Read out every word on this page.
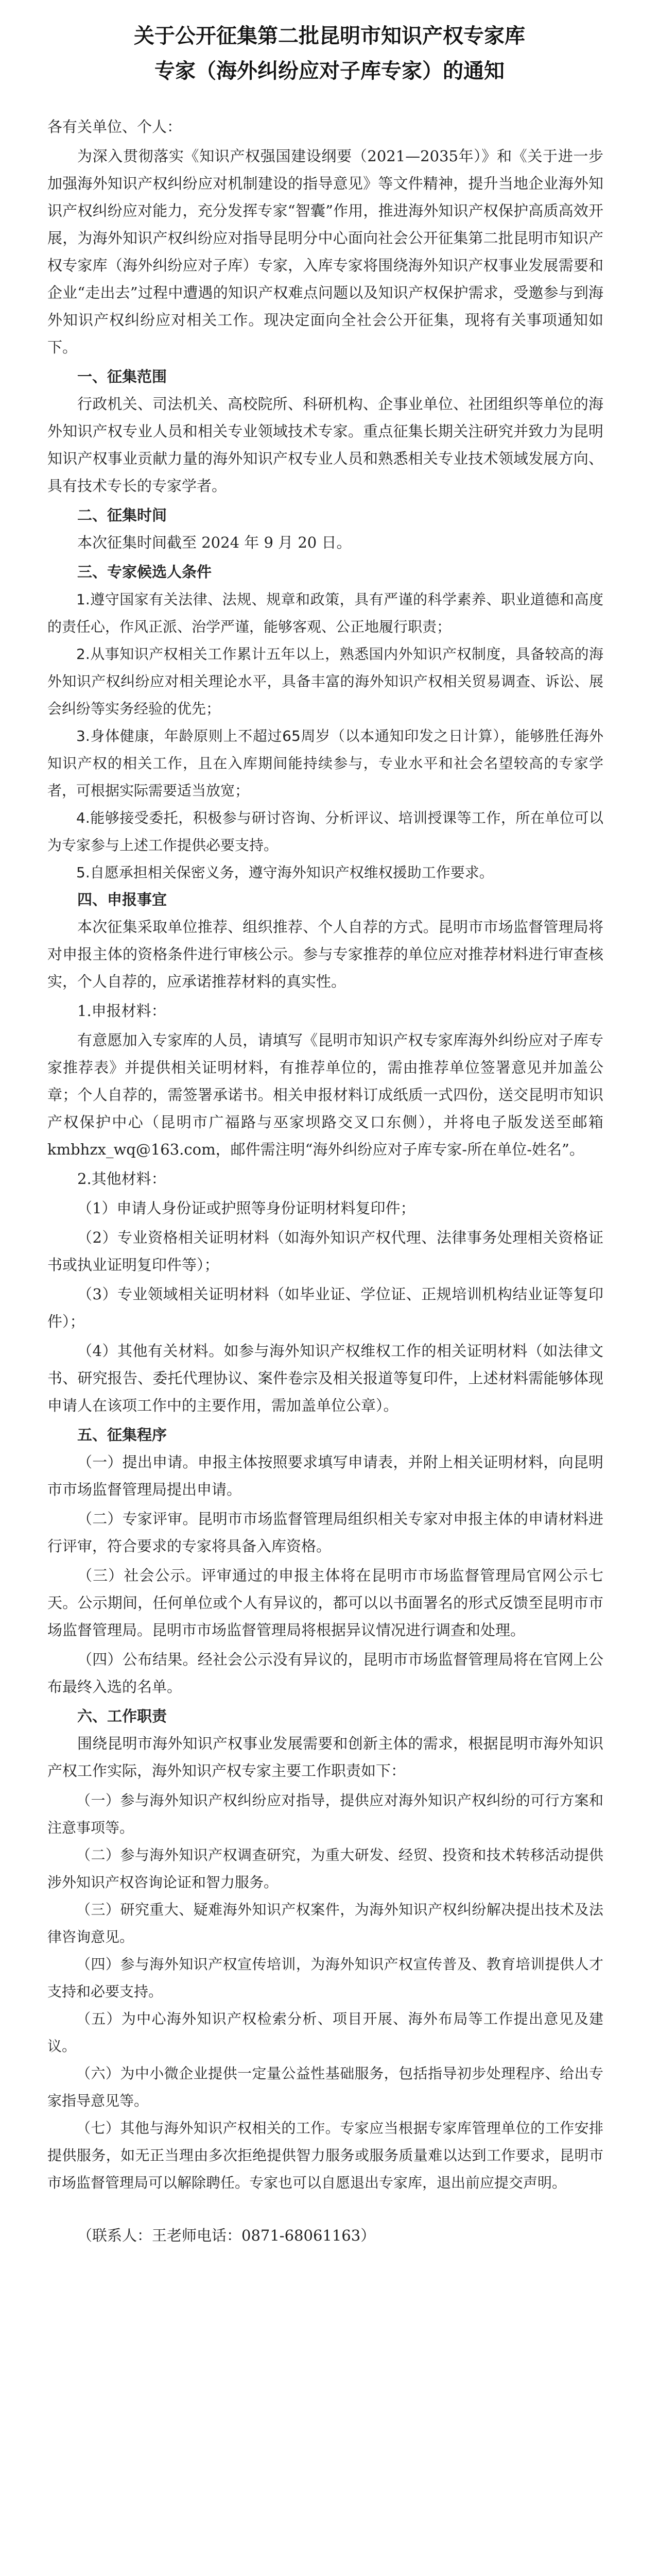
关于公开征集第二批昆明市知识产权专家库

专家（海外纠纷应对子库专家）的通知

各有关单位、个人：

为深入贯彻落实《知识产权强国建设纲要（2021—2035年）》和《关于进一步加强海外知识产权纠纷应对机制建设的指导意见》等文件精神，提升当地企业海外知识产权纠纷应对能力，充分发挥专家“智囊”作用，推进海外知识产权保护高质高效开展，为海外知识产权纠纷应对指导昆明分中心面向社会公开征集第二批昆明市知识产权专家库（海外纠纷应对子库）专家，入库专家将围绕海外知识产权事业发展需要和企业“走出去”过程中遭遇的知识产权难点问题以及知识产权保护需求，受邀参与到海外知识产权纠纷应对相关工作。现决定面向全社会公开征集，现将有关事项通知如下。

一、征集范围

行政机关、司法机关、高校院所、科研机构、企事业单位、社团组织等单位的海外知识产权专业人员和相关专业领域技术专家。重点征集长期关注研究并致力为昆明知识产权事业贡献力量的海外知识产权专业人员和熟悉相关专业技术领域发展方向、具有技术专长的专家学者。

二、征集时间

本次征集时间截至 2024 年 9 月 20 日。

三、专家候选人条件

1.遵守国家有关法律、法规、规章和政策，具有严谨的科学素养、职业道德和高度的责任心，作风正派、治学严谨，能够客观、公正地履行职责；

2.从事知识产权相关工作累计五年以上，熟悉国内外知识产权制度，具备较高的海外知识产权纠纷应对相关理论水平，具备丰富的海外知识产权相关贸易调查、诉讼、展会纠纷等实务经验的优先；

3.身体健康，年龄原则上不超过65周岁（以本通知印发之日计算），能够胜任海外知识产权的相关工作，且在入库期间能持续参与，专业水平和社会名望较高的专家学者，可根据实际需要适当放宽；

4.能够接受委托，积极参与研讨咨询、分析评议、培训授课等工作，所在单位可以为专家参与上述工作提供必要支持。

5.自愿承担相关保密义务，遵守海外知识产权维权援助工作要求。

四、申报事宜

本次征集采取单位推荐、组织推荐、个人自荐的方式。昆明市市场监督管理局将对申报主体的资格条件进行审核公示。参与专家推荐的单位应对推荐材料进行审查核实，个人自荐的，应承诺推荐材料的真实性。

1.申报材料：

有意愿加入专家库的人员，请填写《昆明市知识产权专家库海外纠纷应对子库专家推荐表》并提供相关证明材料，有推荐单位的，需由推荐单位签署意见并加盖公章；个人自荐的，需签署承诺书。相关申报材料订成纸质一式四份，送交昆明市知识产权保护中心（昆明市广福路与巫家坝路交叉口东侧），并将电子版发送至邮箱 kmbhzx_wq@163.com，邮件需注明“海外纠纷应对子库专家-所在单位-姓名”。

2.其他材料：

（1）申请人身份证或护照等身份证明材料复印件；

（2）专业资格相关证明材料（如海外知识产权代理、法律事务处理相关资格证书或执业证明复印件等）；

（3）专业领域相关证明材料（如毕业证、学位证、正规培训机构结业证等复印件）；

（4）其他有关材料。如参与海外知识产权维权工作的相关证明材料（如法律文书、研究报告、委托代理协议、案件卷宗及相关报道等复印件，上述材料需能够体现申请人在该项工作中的主要作用，需加盖单位公章）。

五、征集程序

（一）提出申请。申报主体按照要求填写申请表，并附上相关证明材料，向昆明市市场监督管理局提出申请。

（二）专家评审。昆明市市场监督管理局组织相关专家对申报主体的申请材料进行评审，符合要求的专家将具备入库资格。

（三）社会公示。评审通过的申报主体将在昆明市市场监督管理局官网公示七天。公示期间，任何单位或个人有异议的，都可以以书面署名的形式反馈至昆明市市场监督管理局。昆明市市场监督管理局将根据异议情况进行调查和处理。

（四）公布结果。经社会公示没有异议的，昆明市市场监督管理局将在官网上公布最终入选的名单。

六、工作职责

围绕昆明市海外知识产权事业发展需要和创新主体的需求，根据昆明市海外知识产权工作实际，海外知识产权专家主要工作职责如下：

（一）参与海外知识产权纠纷应对指导，提供应对海外知识产权纠纷的可行方案和注意事项等。

（二）参与海外知识产权调查研究，为重大研发、经贸、投资和技术转移活动提供涉外知识产权咨询论证和智力服务。

（三）研究重大、疑难海外知识产权案件，为海外知识产权纠纷解决提出技术及法律咨询意见。

（四）参与海外知识产权宣传培训，为海外知识产权宣传普及、教育培训提供人才支持和必要支持。

（五）为中心海外知识产权检索分析、项目开展、海外布局等工作提出意见及建议。

（六）为中小微企业提供一定量公益性基础服务，包括指导初步处理程序、给出专家指导意见等。

（七）其他与海外知识产权相关的工作。专家应当根据专家库管理单位的工作安排提供服务，如无正当理由多次拒绝提供智力服务或服务质量难以达到工作要求，昆明市市场监督管理局可以解除聘任。专家也可以自愿退出专家库，退出前应提交声明。

（联系人：王老师电话：0871-68061163）
